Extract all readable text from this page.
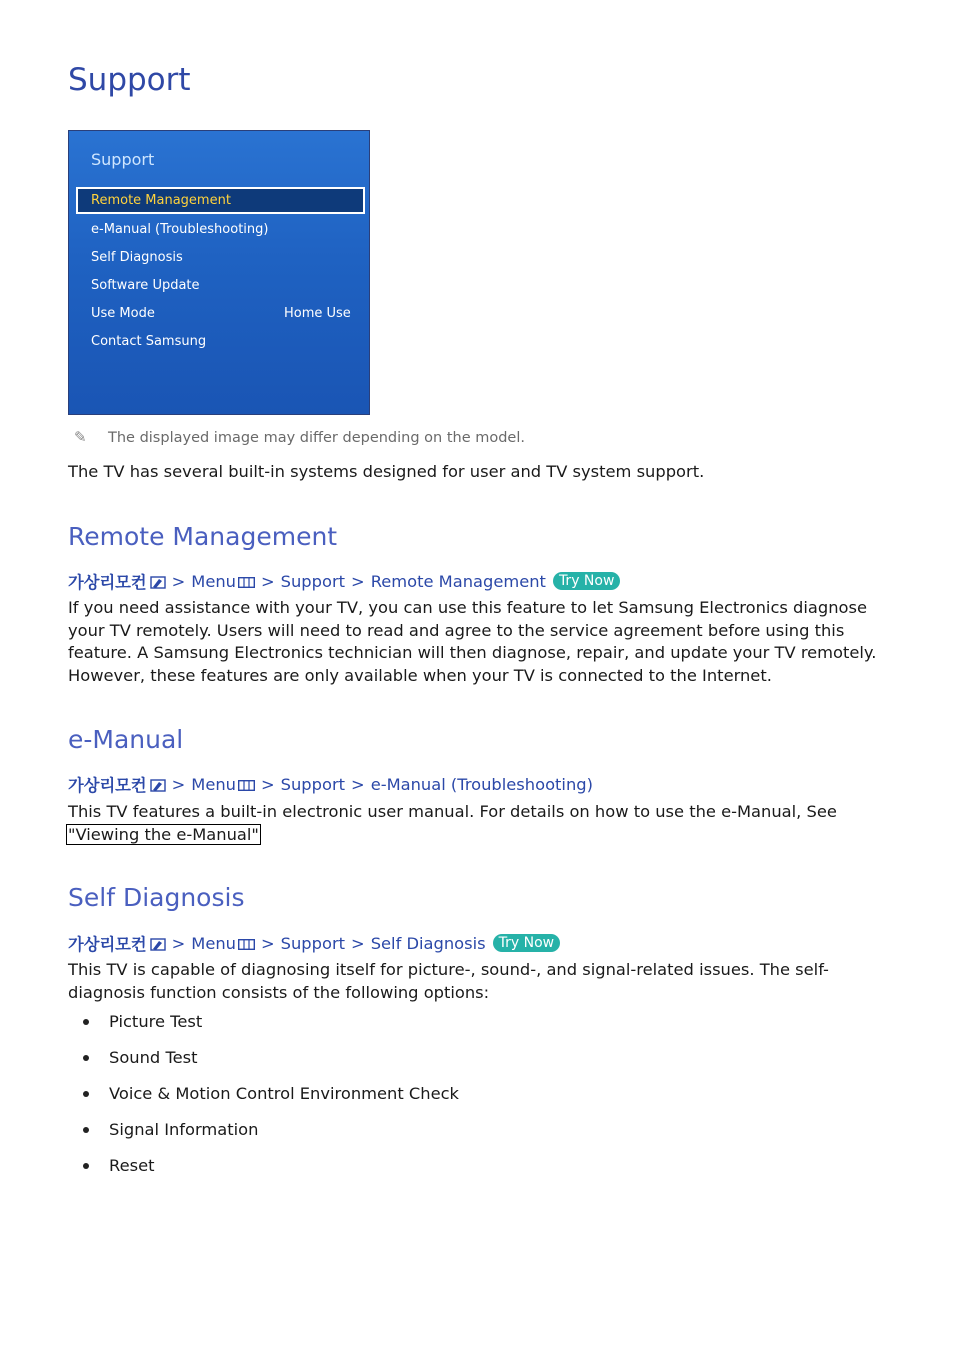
Support
Support
Remote Management
e-Manual (Troubleshooting)
Self Diagnosis
Software Update
Use Mode	Home Use
Contact Samsung
✎ The displayed image may differ depending on the model.

The TV has several built-in systems designed for user and TV system support.

Remote Management
가상리모컨 > Menu > Support > Remote Management Try Now

If you need assistance with your TV, you can use this feature to let Samsung Electronics diagnose your TV remotely. Users will need to read and agree to the service agreement before using this feature. A Samsung Electronics technician will then diagnose, repair, and update your TV remotely. However, these features are only available when your TV is connected to the Internet.

e-Manual
가상리모컨 > Menu > Support > e-Manual (Troubleshooting)

This TV features a built-in electronic user manual. For details on how to use the e-Manual, See
"Viewing the e-Manual"

Self Diagnosis
가상리모컨 > Menu > Support > Self Diagnosis Try Now

This TV is capable of diagnosing itself for picture-, sound-, and signal-related issues. The self-diagnosis function consists of the following options:

Picture Test
Sound Test
Voice & Motion Control Environment Check
Signal Information
Reset
